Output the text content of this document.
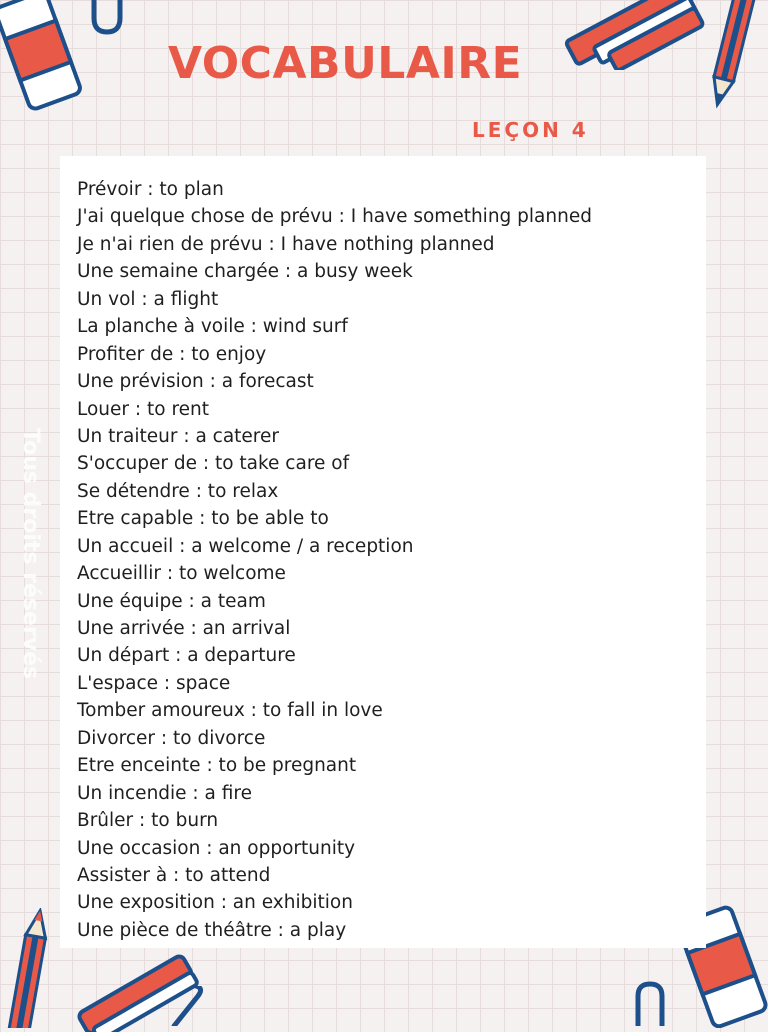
VOCABULAIRE
LEÇON 4
Tous droits réservés
Prévoir : to plan
J'ai quelque chose de prévu : I have something planned
Je n'ai rien de prévu : I have nothing planned
Une semaine chargée : a busy week
Un vol : a flight
La planche à voile : wind surf
Profiter de : to enjoy
Une prévision : a forecast
Louer : to rent
Un traiteur : a caterer
S'occuper de : to take care of
Se détendre : to relax
Etre capable : to be able to
Un accueil : a welcome / a reception
Accueillir : to welcome
Une équipe : a team
Une arrivée : an arrival
Un départ : a departure
L'espace : space
Tomber amoureux : to fall in love
Divorcer : to divorce
Etre enceinte : to be pregnant
Un incendie : a fire
Brûler : to burn
Une occasion : an opportunity
Assister à : to attend
Une exposition : an exhibition
Une pièce de théâtre : a play
